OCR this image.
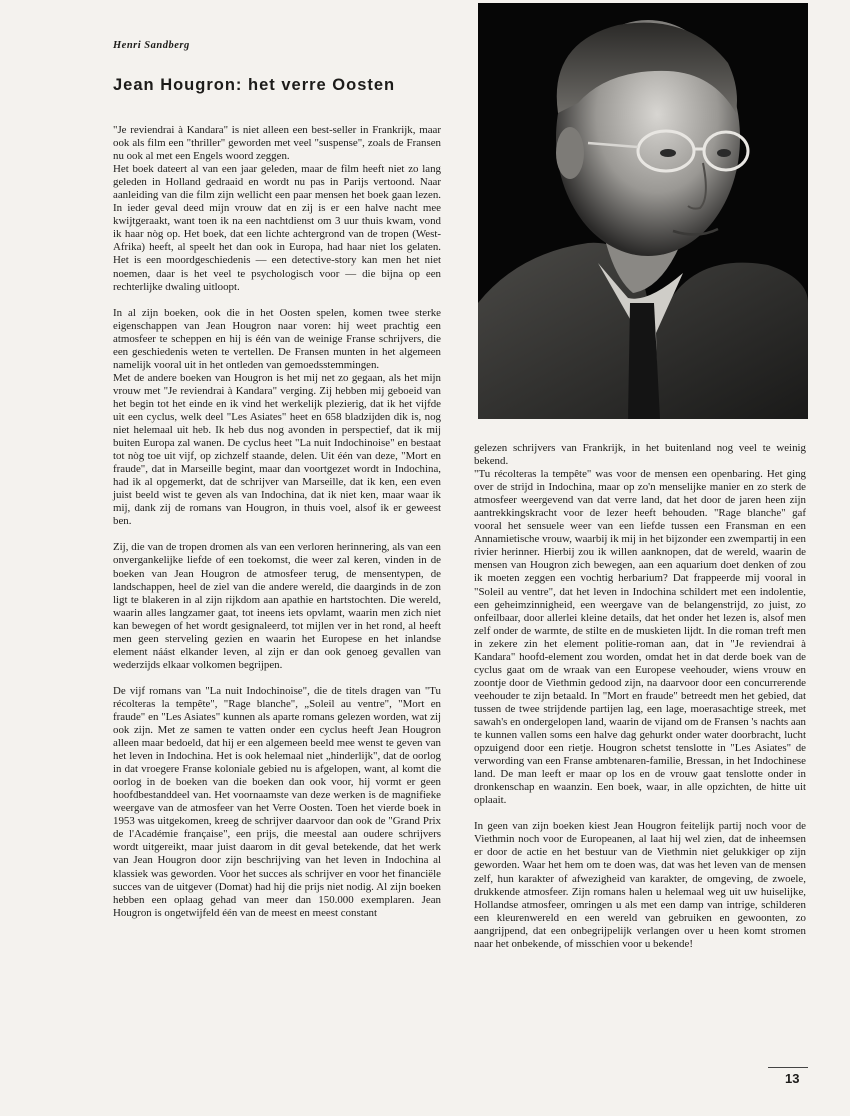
Henri Sandberg
Jean Hougron: het verre Oosten

"Je reviendrai à Kandara" is niet alleen een best-seller in Frankrijk, maar ook als film een "thriller" geworden met veel "suspense", zoals de Fransen nu ook al met een Engels woord zeggen.
Het boek dateert al van een jaar geleden, maar de film heeft niet zo lang geleden in Holland gedraaid en wordt nu pas in Parijs vertoond. Naar aanleiding van die film zijn wellicht een paar mensen het boek gaan lezen. In ieder geval deed mijn vrouw dat en zij is er een halve nacht mee kwijtgeraakt, want toen ik na een nachtdienst om 3 uur thuis kwam, vond ik haar nòg op. Het boek, dat een lichte achtergrond van de tropen (West-Afrika) heeft, al speelt het dan ook in Europa, had haar niet los gelaten. Het is een moordgeschiedenis — een detective-story kan men het niet noemen, daar is het veel te psychologisch voor — die bijna op een rechterlijke dwaling uitloopt.

In al zijn boeken, ook die in het Oosten spelen, komen twee sterke eigenschappen van Jean Hougron naar voren: hij weet prachtig een atmosfeer te scheppen en hij is één van de weinige Franse schrijvers, die een geschiedenis weten te vertellen. De Fransen munten in het algemeen namelijk vooral uit in het ontleden van gemoedsstemmingen.
Met de andere boeken van Hougron is het mij net zo gegaan, als het mijn vrouw met "Je reviendrai à Kandara" verging. Zij hebben mij geboeid van het begin tot het einde en ik vind het werkelijk plezierig, dat ik het vijfde uit een cyclus, welk deel "Les Asiates" heet en 658 bladzijden dik is, nog niet helemaal uit heb. Ik heb dus nog avonden in perspectief, dat ik mij buiten Europa zal wanen. De cyclus heet "La nuit Indochinoise" en bestaat tot nòg toe uit vijf, op zichzelf staande, delen. Uit één van deze, "Mort en fraude", dat in Marseille begint, maar dan voortgezet wordt in Indochina, had ik al opgemerkt, dat de schrijver van Marseille, dat ik ken, een even juist beeld wist te geven als van Indochina, dat ik niet ken, maar waar ik mij, dank zij de romans van Hougron, in thuis voel, alsof ik er geweest ben.

Zij, die van de tropen dromen als van een verloren herinnering, als van een onvergankelijke liefde of een toekomst, die weer zal keren, vinden in de boeken van Jean Hougron de atmosfeer terug, de mensentypen, de landschappen, heel de ziel van die andere wereld, die daarginds in de zon ligt te blakeren in al zijn rijkdom aan apathie en hartstochten. Die wereld, waarin alles langzamer gaat, tot ineens iets opvlamt, waarin men zich niet kan bewegen of het wordt gesignaleerd, tot mijlen ver in het rond, al heeft men geen sterveling gezien en waarin het Europese en het inlandse element náást elkander leven, al zijn er dan ook genoeg gevallen van wederzijds elkaar volkomen begrijpen.

De vijf romans van "La nuit Indochinoise", die de titels dragen van "Tu récolteras la tempête", "Rage blanche", „Soleil au ventre", "Mort en fraude" en "Les Asiates" kunnen als aparte romans gelezen worden, wat zij ook zijn. Met ze samen te vatten onder een cyclus heeft Jean Hougron alleen maar bedoeld, dat hij er een algemeen beeld mee wenst te geven van het leven in Indochina. Het is ook helemaal niet „hinderlijk", dat de oorlog in dat vroegere Franse koloniale gebied nu is afgelopen, want, al komt die oorlog in de boeken van die boeken dan ook voor, hij vormt er geen hoofdbestanddeel van. Het voornaamste van deze werken is de magnifieke weergave van de atmosfeer van het Verre Oosten. Toen het vierde boek in 1953 was uitgekomen, kreeg de schrijver daarvoor dan ook de "Grand Prix de l'Académie française", een prijs, die meestal aan oudere schrijvers wordt uitgereikt, maar juist daarom in dit geval betekende, dat het werk van Jean Hougron door zijn beschrijving van het leven in Indochina al klassiek was geworden. Voor het succes als schrijver en voor het financiële succes van de uitgever (Domat) had hij die prijs niet nodig. Al zijn boeken hebben een oplaag gehad van meer dan 150.000 exemplaren. Jean Hougron is ongetwijfeld één van de meest en meest constant

gelezen schrijvers van Frankrijk, in het buitenland nog veel te weinig bekend.
"Tu récolteras la tempête" was voor de mensen een openbaring. Het ging over de strijd in Indochina, maar op zo'n menselijke manier en zo sterk de atmosfeer weergevend van dat verre land, dat het door de jaren heen zijn aantrekkingskracht voor de lezer heeft behouden. "Rage blanche" gaf vooral het sensuele weer van een liefde tussen een Fransman en een Annamietische vrouw, waarbij ik mij in het bijzonder een zwempartij in een rivier herinner. Hierbij zou ik willen aanknopen, dat de wereld, waarin de mensen van Hougron zich bewegen, aan een aquarium doet denken of zou ik moeten zeggen een vochtig herbarium? Dat frappeerde mij vooral in "Soleil au ventre", dat het leven in Indochina schildert met een indolentie, een geheimzinnigheid, een weergave van de belangenstrijd, zo juist, zo onfeilbaar, door allerlei kleine details, dat het onder het lezen is, alsof men zelf onder de warmte, de stilte en de muskieten lijdt. In die roman treft men in zekere zin het element politie-roman aan, dat in "Je reviendrai à Kandara" hoofd-element zou worden, omdat het in dat derde boek van de cyclus gaat om de wraak van een Europese veehouder, wiens vrouw en zoontje door de Viethmin gedood zijn, na daarvoor door een concurrerende veehouder te zijn betaald. In "Mort en fraude" betreedt men het gebied, dat tussen de twee strijdende partijen lag, een lage, moerasachtige streek, met sawah's en ondergelopen land, waarin de vijand om de Fransen 's nachts aan te kunnen vallen soms een halve dag gehurkt onder water doorbracht, lucht opzuigend door een rietje. Hougron schetst tenslotte in "Les Asiates" de verwording van een Franse ambtenaren-familie, Bressan, in het Indochinese land. De man leeft er maar op los en de vrouw gaat tenslotte onder in dronkenschap en waanzin. Een boek, waar, in alle opzichten, de hitte uit oplaait.

In geen van zijn boeken kiest Jean Hougron feitelijk partij noch voor de Viethmin noch voor de Europeanen, al laat hij wel zien, dat de inheemsen er door de actie en het bestuur van de Viethmin niet gelukkiger op zijn geworden. Waar het hem om te doen was, dat was het leven van de mensen zelf, hun karakter of afwezigheid van karakter, de omgeving, de zwoele, drukkende atmosfeer. Zijn romans halen u helemaal weg uit uw huiselijke, Hollandse atmosfeer, omringen u als met een damp van intrige, schilderen een kleurenwereld en een wereld van gebruiken en gewoonten, zo aangrijpend, dat een onbegrijpelijk verlangen over u heen komt stromen naar het onbekende, of misschien voor u bekende!

13
